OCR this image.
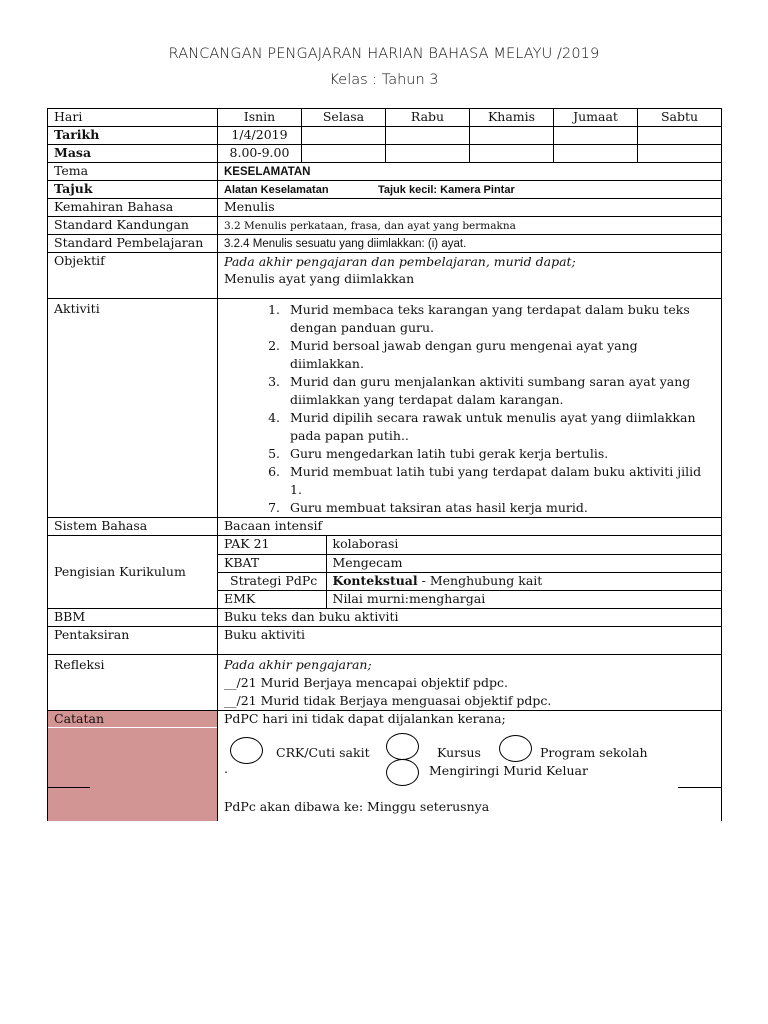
RANCANGAN PENGAJARAN HARIAN BAHASA MELAYU /2019
Kelas : Tahun 3
Hari	Isnin	Selasa	Rabu	Khamis	Jumaat	Sabtu
Tarikh	1/4/2019					
Masa	8.00-9.00					
Tema	KESELAMATAN
Tajuk	Alatan Keselamatan	Tajuk kecil: Kamera Pintar
Kemahiran Bahasa	Menulis
Standard Kandungan	3.2 Menulis perkataan, frasa, dan ayat yang bermakna
Standard Pembelajaran	3.2.4 Menulis sesuatu yang diimlakkan: (i) ayat.
Objektif	Pada akhir pengajaran dan pembelajaran, murid dapat;
Menulis ayat yang diimlakkan

Aktiviti	
1.Murid membaca teks karangan yang terdapat dalam buku teks dengan panduan guru.
2. Murid bersoal jawab dengan guru mengenai ayat yang diimlakkan.
3. Murid dan guru menjalankan aktiviti sumbang saran ayat yang diimlakkan yang terdapat dalam karangan.
4. Murid dipilih secara rawak untuk menulis ayat yang diimlakkan pada papan putih..
5. Guru mengedarkan latih tubi gerak kerja bertulis.
6. Murid membuat latih tubi yang terdapat dalam buku aktiviti jilid 1.
7. Guru membuat taksiran atas hasil kerja murid.

Sistem Bahasa	Bacaan intensif
Pengisian Kurikulum	
PAK 21	kolaborasi
KBAT	Mengecam
Strategi PdPc	Kontekstual - Menghubung kait
EMK	Nilai murni:menghargai

BBM	Buku teks dan buku aktiviti
Pentaksiran	Buku aktiviti
Refleksi	Pada akhir pengajaran;
__/21 Murid Berjaya mencapai objektif pdpc.
__/21 Murid tidak Berjaya menguasai objektif pdpc.

Catatan	PdPC hari ini tidak dapat dijalankan kerana;
CRK/Cuti sakit
.
Kursus	Program sekolah
Mengiringi Murid Keluar
PdPc akan dibawa ke: Minggu seterusnya
